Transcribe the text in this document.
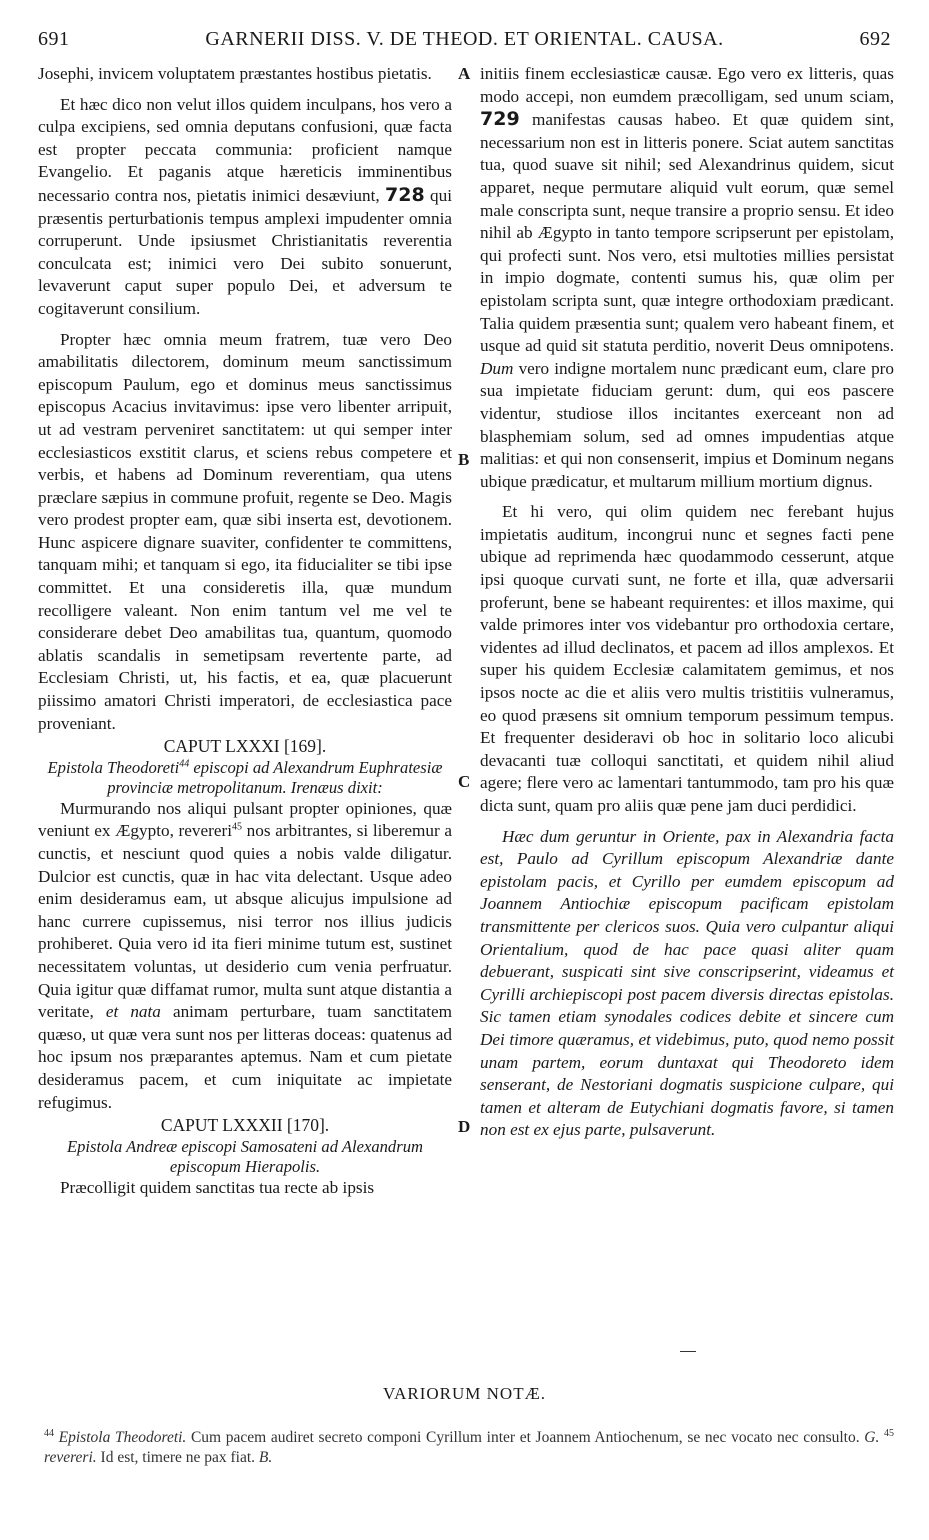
691	GARNERII DISS. V. DE THEOD. ET ORIENTAL. CAUSA.	692
A
B
C
D

Josephi, invicem voluptatem præstantes hostibus pietatis.

Et hæc dico non velut illos quidem inculpans, hos vero a culpa excipiens, sed omnia deputans confusioni, quæ facta est propter peccata communia: proficient namque Evangelio. Et paganis atque hæreticis imminentibus necessario contra nos, pietatis inimici desæviunt, 728 qui præsentis perturbationis tempus amplexi impudenter omnia corruperunt. Unde ipsiusmet Christianitatis reverentia conculcata est; inimici vero Dei subito sonuerunt, levaverunt caput super populo Dei, et adversum te cogitaverunt consilium.

Propter hæc omnia meum fratrem, tuæ vero Deo amabilitatis dilectorem, dominum meum sanctissimum episcopum Paulum, ego et dominus meus sanctissimus episcopus Acacius invitavimus: ipse vero libenter arripuit, ut ad vestram perveniret sanctitatem: ut qui semper inter ecclesiasticos exstitit clarus, et sciens rebus competere et verbis, et habens ad Dominum reverentiam, qua utens præclare sæpius in commune profuit, regente se Deo. Magis vero prodest propter eam, quæ sibi inserta est, devotionem. Hunc aspicere dignare suaviter, confidenter te committens, tanquam mihi; et tanquam si ego, ita fiducialiter se tibi ipse committet. Et una consideretis illa, quæ mundum recolligere valeant. Non enim tantum vel me vel te considerare debet Deo amabilitas tua, quantum, quomodo ablatis scandalis in semetipsam revertente parte, ad Ecclesiam Christi, ut, his factis, et ea, quæ placuerunt piissimo amatori Christi imperatori, de ecclesiastica pace proveniant.

CAPUT LXXXI [169].

Epistola Theodoreti$^{44}$ episcopi ad Alexandrum Euphratesiæ provinciæ metropolitanum. Irenæus dixit:

Murmurando nos aliqui pulsant propter opiniones, quæ veniunt ex Ægypto, revereri$^{45}$ nos arbitrantes, si liberemur a cunctis, et nesciunt quod quies a nobis valde diligatur. Dulcior est cunctis, quæ in hac vita delectant. Usque adeo enim desideramus eam, ut absque alicujus impulsione ad hanc currere cupissemus, nisi terror nos illius judicis prohiberet. Quia vero id ita fieri minime tutum est, sustinet necessitatem voluntas, ut desiderio cum venia perfruatur. Quia igitur quæ diffamat rumor, multa sunt atque distantia a veritate, et nata animam perturbare, tuam sanctitatem quæso, ut quæ vera sunt nos per litteras doceas: quatenus ad hoc ipsum nos præparantes aptemus. Nam et cum pietate desideramus pacem, et cum iniquitate ac impietate refugimus.

CAPUT LXXXII [170].

Epistola Andreæ episcopi Samosateni ad Alexandrum episcopum Hierapolis.

Præcolligit quidem sanctitas tua recte ab ipsis

initiis finem ecclesiasticæ causæ. Ego vero ex litteris, quas modo accepi, non eumdem præcolligam, sed unum sciam, 729 manifestas causas habeo. Et quæ quidem sint, necessarium non est in litteris ponere. Sciat autem sanctitas tua, quod suave sit nihil; sed Alexandrinus quidem, sicut apparet, neque permutare aliquid vult eorum, quæ semel male conscripta sunt, neque transire a proprio sensu. Et ideo nihil ab Ægypto in tanto tempore scripserunt per epistolam, qui profecti sunt. Nos vero, etsi multoties millies persistat in impio dogmate, contenti sumus his, quæ olim per epistolam scripta sunt, quæ integre orthodoxiam prædicant. Talia quidem præsentia sunt; qualem vero habeant finem, et usque ad quid sit statuta perditio, noverit Deus omnipotens. Dum vero indigne mortalem nunc prædicant eum, clare pro sua impietate fiduciam gerunt: dum, qui eos pascere videntur, studiose illos incitantes exerceant non ad blasphemiam solum, sed ad omnes impudentias atque malitias: et qui non consenserit, impius et Dominum negans ubique prædicatur, et multarum millium mortium dignus.

Et hi vero, qui olim quidem nec ferebant hujus impietatis auditum, incongrui nunc et segnes facti pene ubique ad reprimenda hæc quodammodo cesserunt, atque ipsi quoque curvati sunt, ne forte et illa, quæ adversarii proferunt, bene se habeant requirentes: et illos maxime, qui valde primores inter vos videbantur pro orthodoxia certare, videntes ad illud declinatos, et pacem ad illos amplexos. Et super his quidem Ecclesiæ calamitatem gemimus, et nos ipsos nocte ac die et aliis vero multis tristitiis vulneramus, eo quod præsens sit omnium temporum pessimum tempus. Et frequenter desideravi ob hoc in solitario loco alicubi devacanti tuæ colloqui sanctitati, et quidem nihil aliud agere; flere vero ac lamentari tantummodo, tam pro his quæ dicta sunt, quam pro aliis quæ pene jam duci perdidici.

Hæc dum geruntur in Oriente, pax in Alexandria facta est, Paulo ad Cyrillum episcopum Alexandriæ dante epistolam pacis, et Cyrillo per eumdem episcopum ad Joannem Antiochiæ episcopum pacificam epistolam transmittente per clericos suos. Quia vero culpantur aliqui Orientalium, quod de hac pace quasi aliter quam debuerant, suspicati sint sive conscripserint, videamus et Cyrilli archiepiscopi post pacem diversis directas epistolas. Sic tamen etiam synodales codices debite et sincere cum Dei timore quæramus, et videbimus, puto, quod nemo possit unam partem, eorum duntaxat qui Theodoreto idem senserant, de Nestoriani dogmatis suspicione culpare, qui tamen et alteram de Eutychiani dogmatis favore, si tamen non est ex ejus parte, pulsaverunt.

VARIORUM NOTÆ.

$^{44}$ Epistola Theodoreti. Cum pacem audiret secreto componi Cyrillum inter et Joannem Antiochenum, se nec vocato nec consulto. G. $^{45}$ revereri. Id est, timere ne pax fiat. B.
